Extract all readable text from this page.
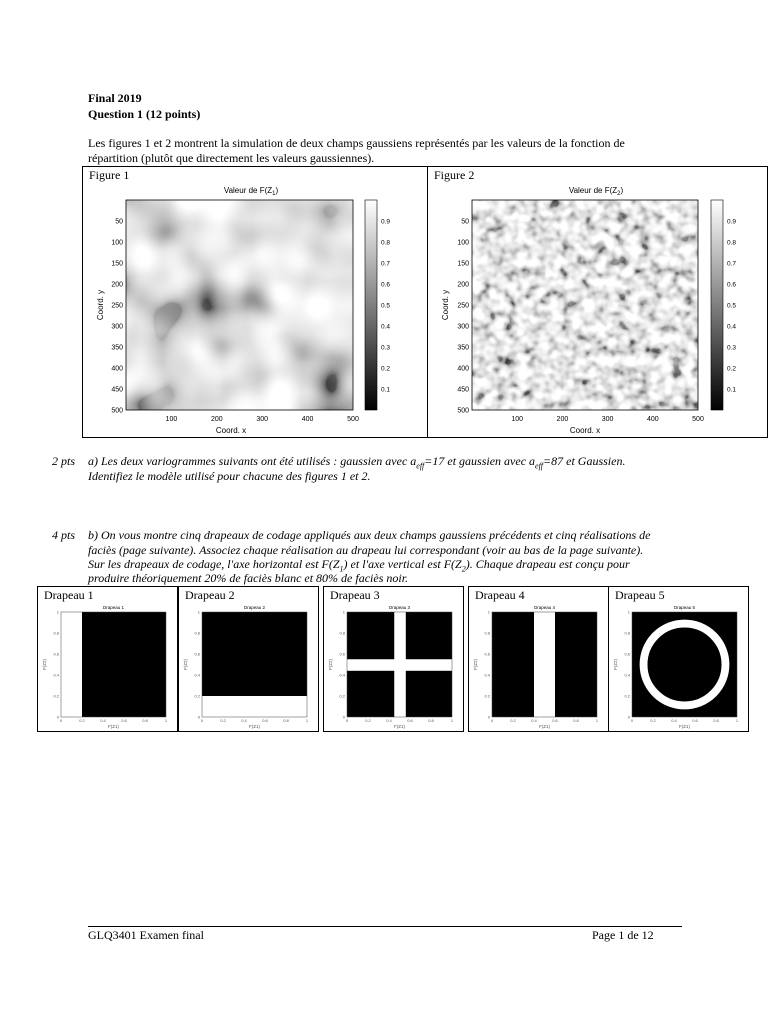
Final 2019
Question 1 (12 points)
Les figures 1 et 2 montrent la simulation de deux champs gaussiens représentés par les valeurs de la fonction de
répartition (plutôt que directement les valeurs gaussiennes).
Figure 1
Valeur de $F(Z_1)$
50
100
150
200
250
300
350
400
450
500
100	200	300	400	500
Coord. x
Coord. y
0.9
0.8
0.7
0.6
0.5
0.4
0.3
0.2
0.1
Figure 2
Valeur de $F(Z_2)$
50
100
150
200
250
300
350
400
450
500
100	200	300	400	500
Coord. x
Coord. y
0.9
0.8
0.7
0.6
0.5
0.4
0.3
0.2
0.1
2 pts a) Les deux variogrammes suivants ont été utilisés : gaussien avec $a_{eff}=17$ et gaussien avec $a_{eff}=87$ et Gaussien.
Identifiez le modèle utilisé pour chacune des figures 1 et 2.
4 pts b) On vous montre cinq drapeaux de codage appliqués aux deux champs gaussiens précédents et cinq réalisations de
faciès (page suivante). Associez chaque réalisation au drapeau lui correspondant (voir au bas de la page suivante).
Sur les drapeaux de codage, l'axe horizontal est $F(Z_1)$ et l'axe vertical est $F(Z_2)$. Chaque drapeau est conçu pour
produire théoriquement 20% de faciès blanc et 80% de faciès noir.
Drapeau 1
Drapeau 1
0
0
0.2
0.2
0.4
0.4
0.6
0.6
0.8
0.8
1
1
F(Z1)
F(Z2)
Drapeau 2
Drapeau 2
0
0
0.2
0.2
0.4
0.4
0.6
0.6
0.8
0.8
1
1
F(Z1)
F(Z2)
Drapeau 3
Drapeau 3
0
0
0.2
0.2
0.4
0.4
0.6
0.6
0.8
0.8
1
1
F(Z1)
F(Z2)
Drapeau 4
Drapeau 4
0
0
0.2
0.2
0.4
0.4
0.6
0.6
0.8
0.8
1
1
F(Z1)
F(Z2)
Drapeau 5
Drapeau 5
0
0
0.2
0.2
0.4
0.4
0.6
0.6
0.8
0.8
1
1
F(Z1)
F(Z2)
GLQ3401 Examen final	Page 1 de 12
